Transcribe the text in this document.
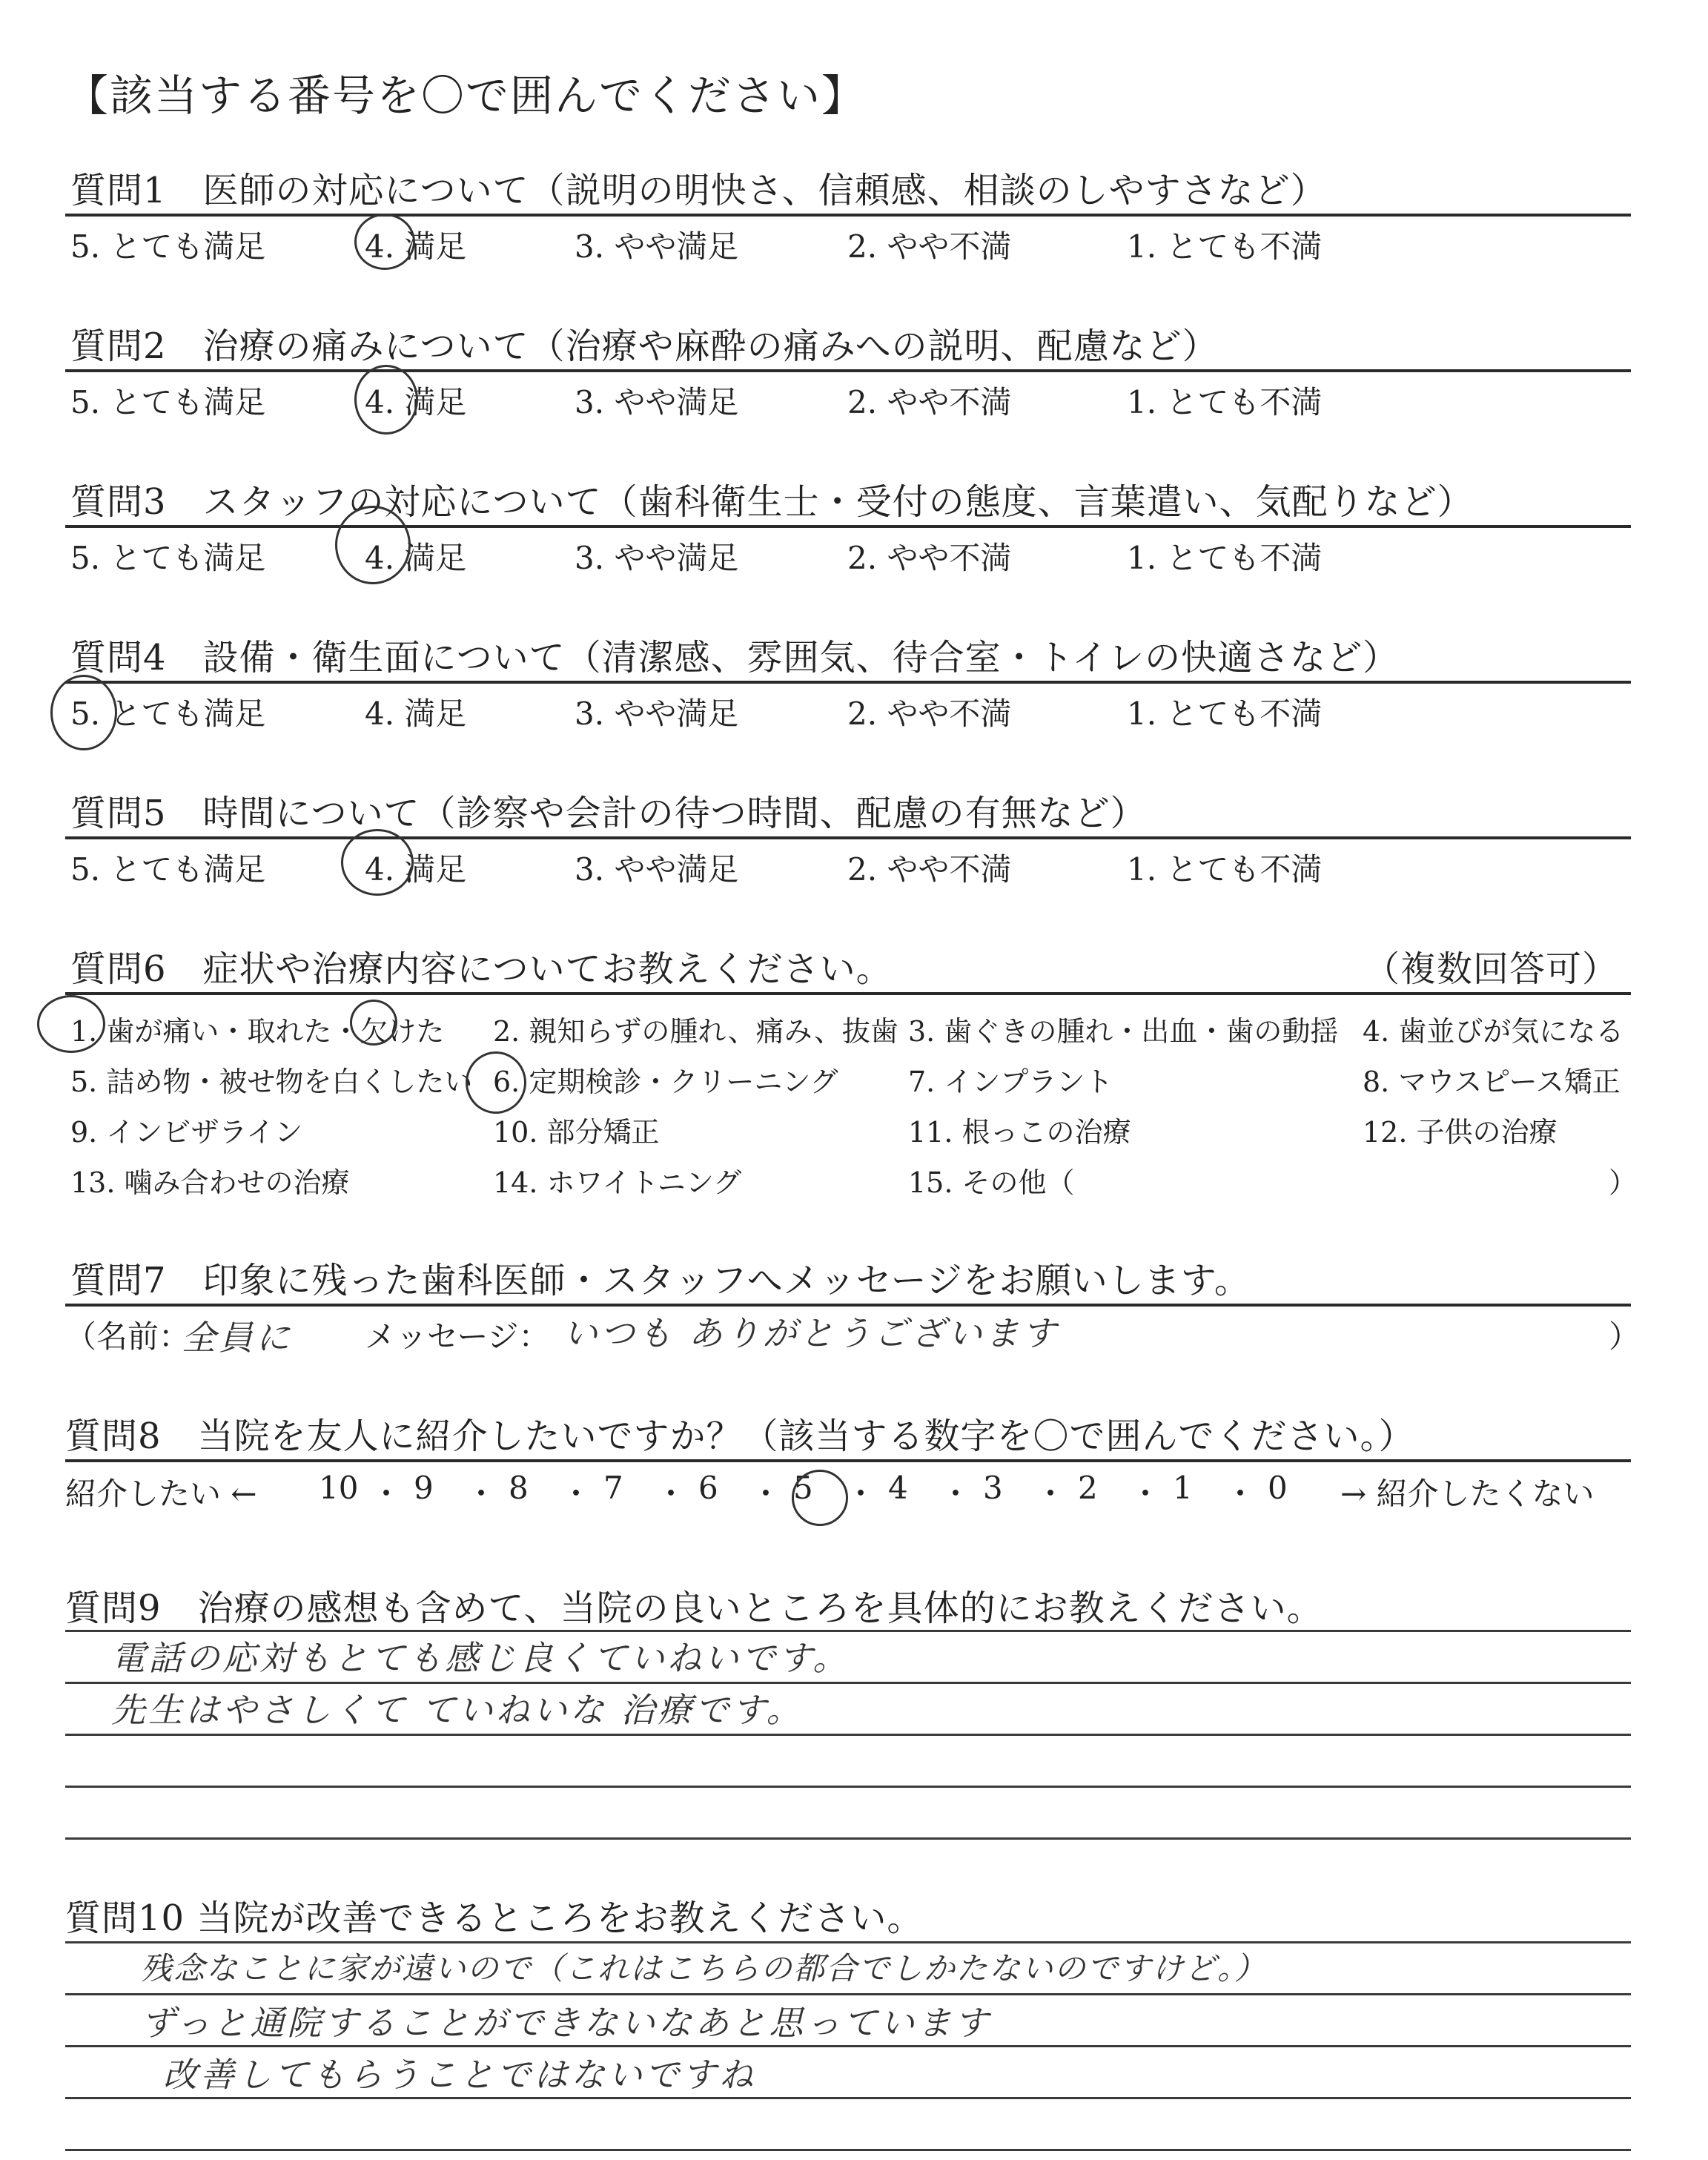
【該当する番号を〇で囲んでください】
質問1　医師の対応について（説明の明快さ、信頼感、相談のしやすさなど）
5. とても満足	4. 満足	3. やや満足	2. やや不満	1. とても不満
質問2　治療の痛みについて（治療や麻酔の痛みへの説明、配慮など）
5. とても満足	4. 満足	3. やや満足	2. やや不満	1. とても不満
質問3　スタッフの対応について（歯科衛生士・受付の態度、言葉遣い、気配りなど）
5. とても満足	4. 満足	3. やや満足	2. やや不満	1. とても不満
質問4　設備・衛生面について（清潔感、雰囲気、待合室・トイレの快適さなど）
5. とても満足	4. 満足	3. やや満足	2. やや不満	1. とても不満
質問5　時間について（診察や会計の待つ時間、配慮の有無など）
5. とても満足	4. 満足	3. やや満足	2. やや不満	1. とても不満
質問6　症状や治療内容についてお教えください。	（複数回答可）
1. 歯が痛い・取れた・欠けた 2. 親知らずの腫れ、痛み、抜歯 3. 歯ぐきの腫れ・出血・歯の動揺 4. 歯並びが気になる
5. 詰め物・被せ物を白くしたい 6. 定期検診・クリーニング 7. インプラント	8. マウスピース矯正
9. インビザライン	10. 部分矯正	11. 根っこの治療	12. 子供の治療
13. 噛み合わせの治療	14. ホワイトニング	15. その他（	）
質問7　印象に残った歯科医師・スタッフへメッセージをお願いします。
（名前：
全員に メッセージ： いつも ありがとうございます	）
質問8　当院を友人に紹介したいですか？（該当する数字を〇で囲んでください。）
紹介したい ← 10 ・ 9 ・ 8 ・ 7 ・ 6 ・ 5 ・ 4 ・ 3 ・ 2 ・ 1 ・ 0 → 紹介したくない
質問9　治療の感想も含めて、当院の良いところを具体的にお教えください。
電話の応対もとても感じ良くていねいです。
先生はやさしくて ていねいな 治療です。
質問10 当院が改善できるところをお教えください。
残念なことに家が遠いので（これはこちらの都合でしかたないのですけど。）
ずっと通院することができないなあと思っています
改善してもらうことではないですね
